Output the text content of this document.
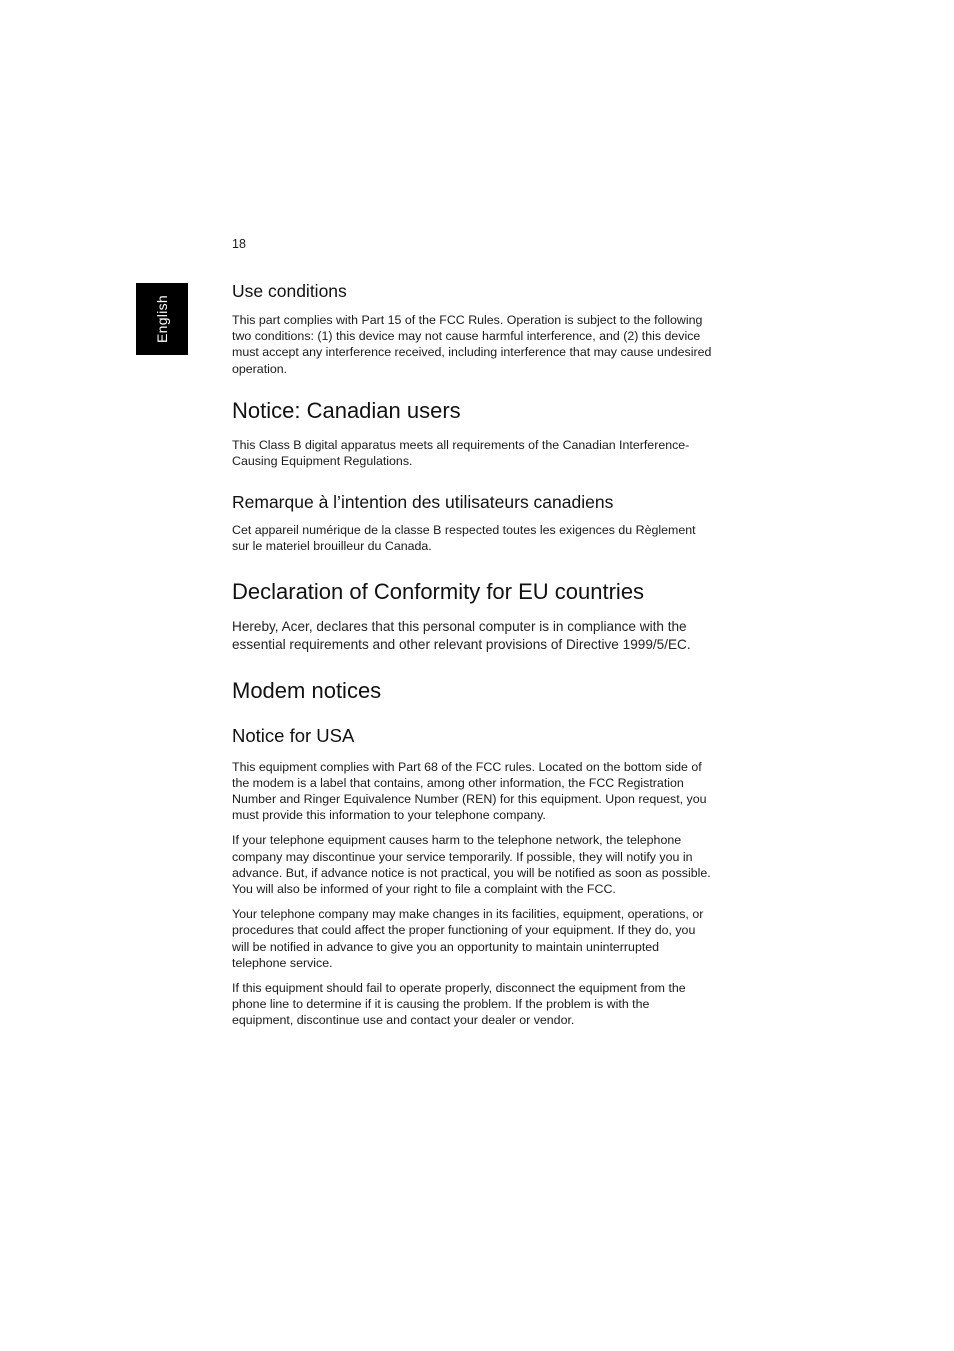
English
18
Use conditions

This part complies with Part 15 of the FCC Rules. Operation is subject to the following two conditions: (1) this device may not cause harmful interference, and (2) this device must accept any interference received, including interference that may cause undesired operation.

Notice: Canadian users

This Class B digital apparatus meets all requirements of the Canadian Interference-Causing Equipment Regulations.

Remarque à l’intention des utilisateurs canadiens

Cet appareil numérique de la classe B respected toutes les exigences du Règlement sur le materiel brouilleur du Canada.

Declaration of Conformity for EU countries

Hereby, Acer, declares that this personal computer is in compliance with the essential requirements and other relevant provisions of Directive 1999/5/EC.

Modem notices
Notice for USA

This equipment complies with Part 68 of the FCC rules. Located on the bottom side of the modem is a label that contains, among other information, the FCC Registration Number and Ringer Equivalence Number (REN) for this equipment. Upon request, you must provide this information to your telephone company.

If your telephone equipment causes harm to the telephone network, the telephone company may discontinue your service temporarily. If possible, they will notify you in advance. But, if advance notice is not practical, you will be notified as soon as possible. You will also be informed of your right to file a complaint with the FCC.

Your telephone company may make changes in its facilities, equipment, operations, or procedures that could affect the proper functioning of your equipment. If they do, you will be notified in advance to give you an opportunity to maintain uninterrupted telephone service.

If this equipment should fail to operate properly, disconnect the equipment from the phone line to determine if it is causing the problem. If the problem is with the equipment, discontinue use and contact your dealer or vendor.
